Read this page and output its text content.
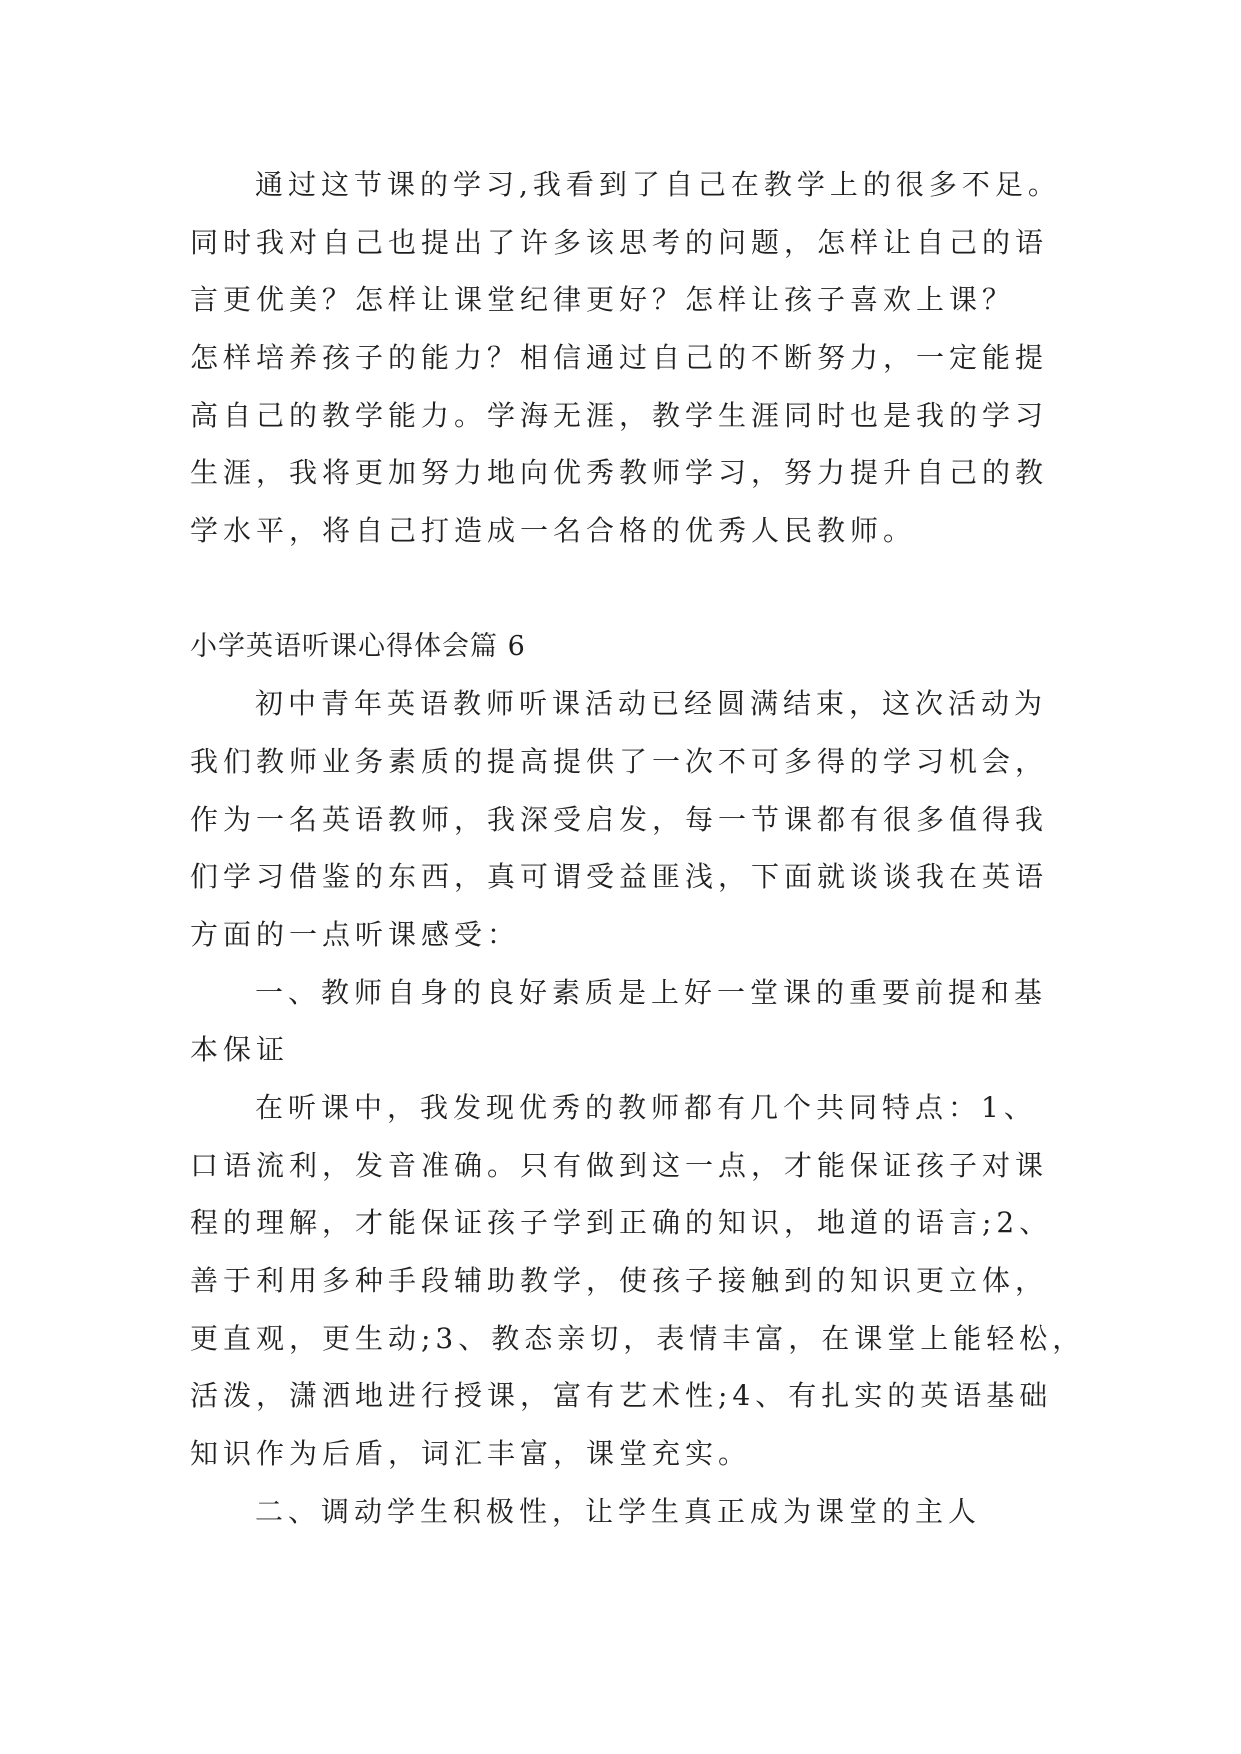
通过这节课的学习,我看到了自己在教学上的很多不足。
同时我对自己也提出了许多该思考的问题，怎样让自己的语
言更优美？怎样让课堂纪律更好？怎样让孩子喜欢上课？
怎样培养孩子的能力？相信通过自己的不断努力，一定能提
高自己的教学能力。学海无涯，教学生涯同时也是我的学习
生涯，我将更加努力地向优秀教师学习，努力提升自己的教
学水平，将自己打造成一名合格的优秀人民教师。
小学英语听课心得体会篇 6
初中青年英语教师听课活动已经圆满结束，这次活动为
我们教师业务素质的提高提供了一次不可多得的学习机会，
作为一名英语教师，我深受启发，每一节课都有很多值得我
们学习借鉴的东西，真可谓受益匪浅，下面就谈谈我在英语
方面的一点听课感受：
一、教师自身的良好素质是上好一堂课的重要前提和基
本保证
在听课中，我发现优秀的教师都有几个共同特点：1、
口语流利，发音准确。只有做到这一点，才能保证孩子对课
程的理解，才能保证孩子学到正确的知识，地道的语言;2、
善于利用多种手段辅助教学，使孩子接触到的知识更立体，
更直观，更生动;3、教态亲切，表情丰富，在课堂上能轻松，
活泼，潇洒地进行授课，富有艺术性;4、有扎实的英语基础
知识作为后盾，词汇丰富，课堂充实。
二、调动学生积极性，让学生真正成为课堂的主人
